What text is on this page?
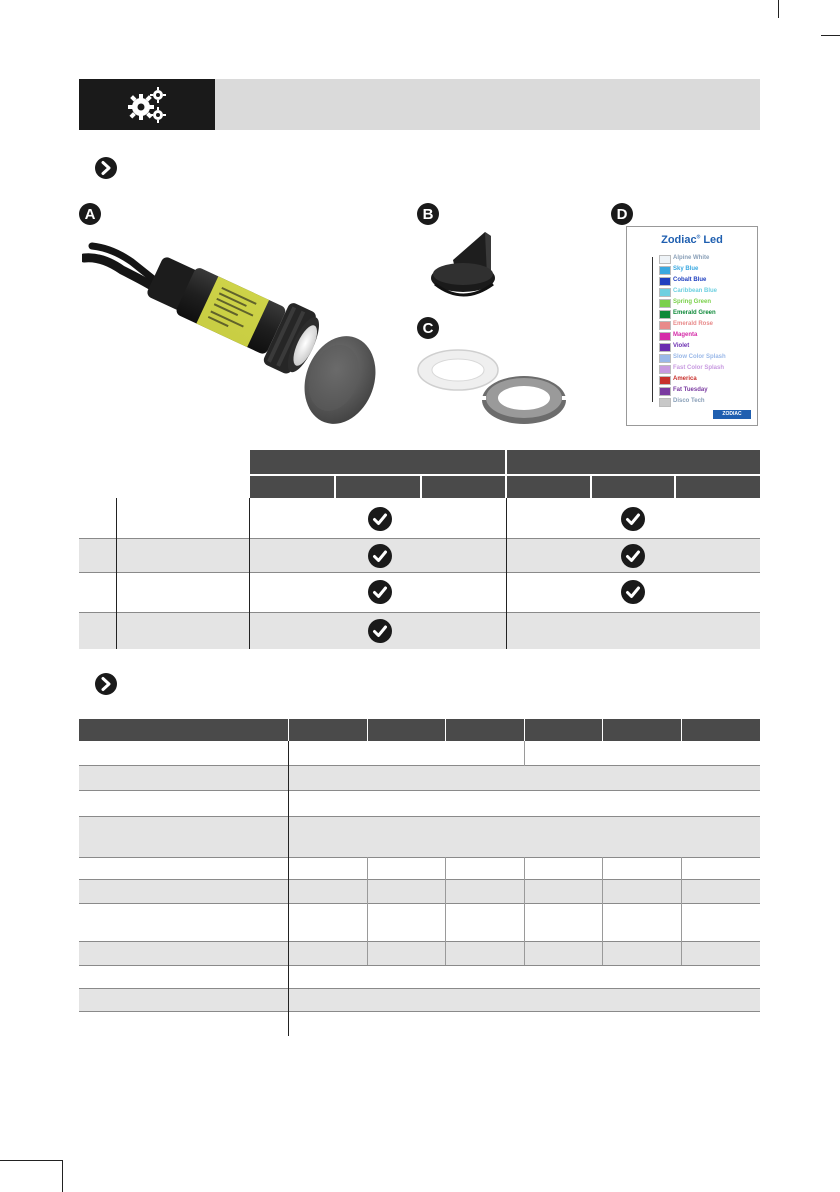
A	B
C
D
Zodiac® Led
Alpine White
Sky Blue
Cobalt Blue
Caribbean Blue
Spring Green
Emerald Green
Emerald Rose
Magenta
Violet
Slow Color Splash
Fast Color Splash
America
Fat Tuesday
Disco Tech
ZODIAC
